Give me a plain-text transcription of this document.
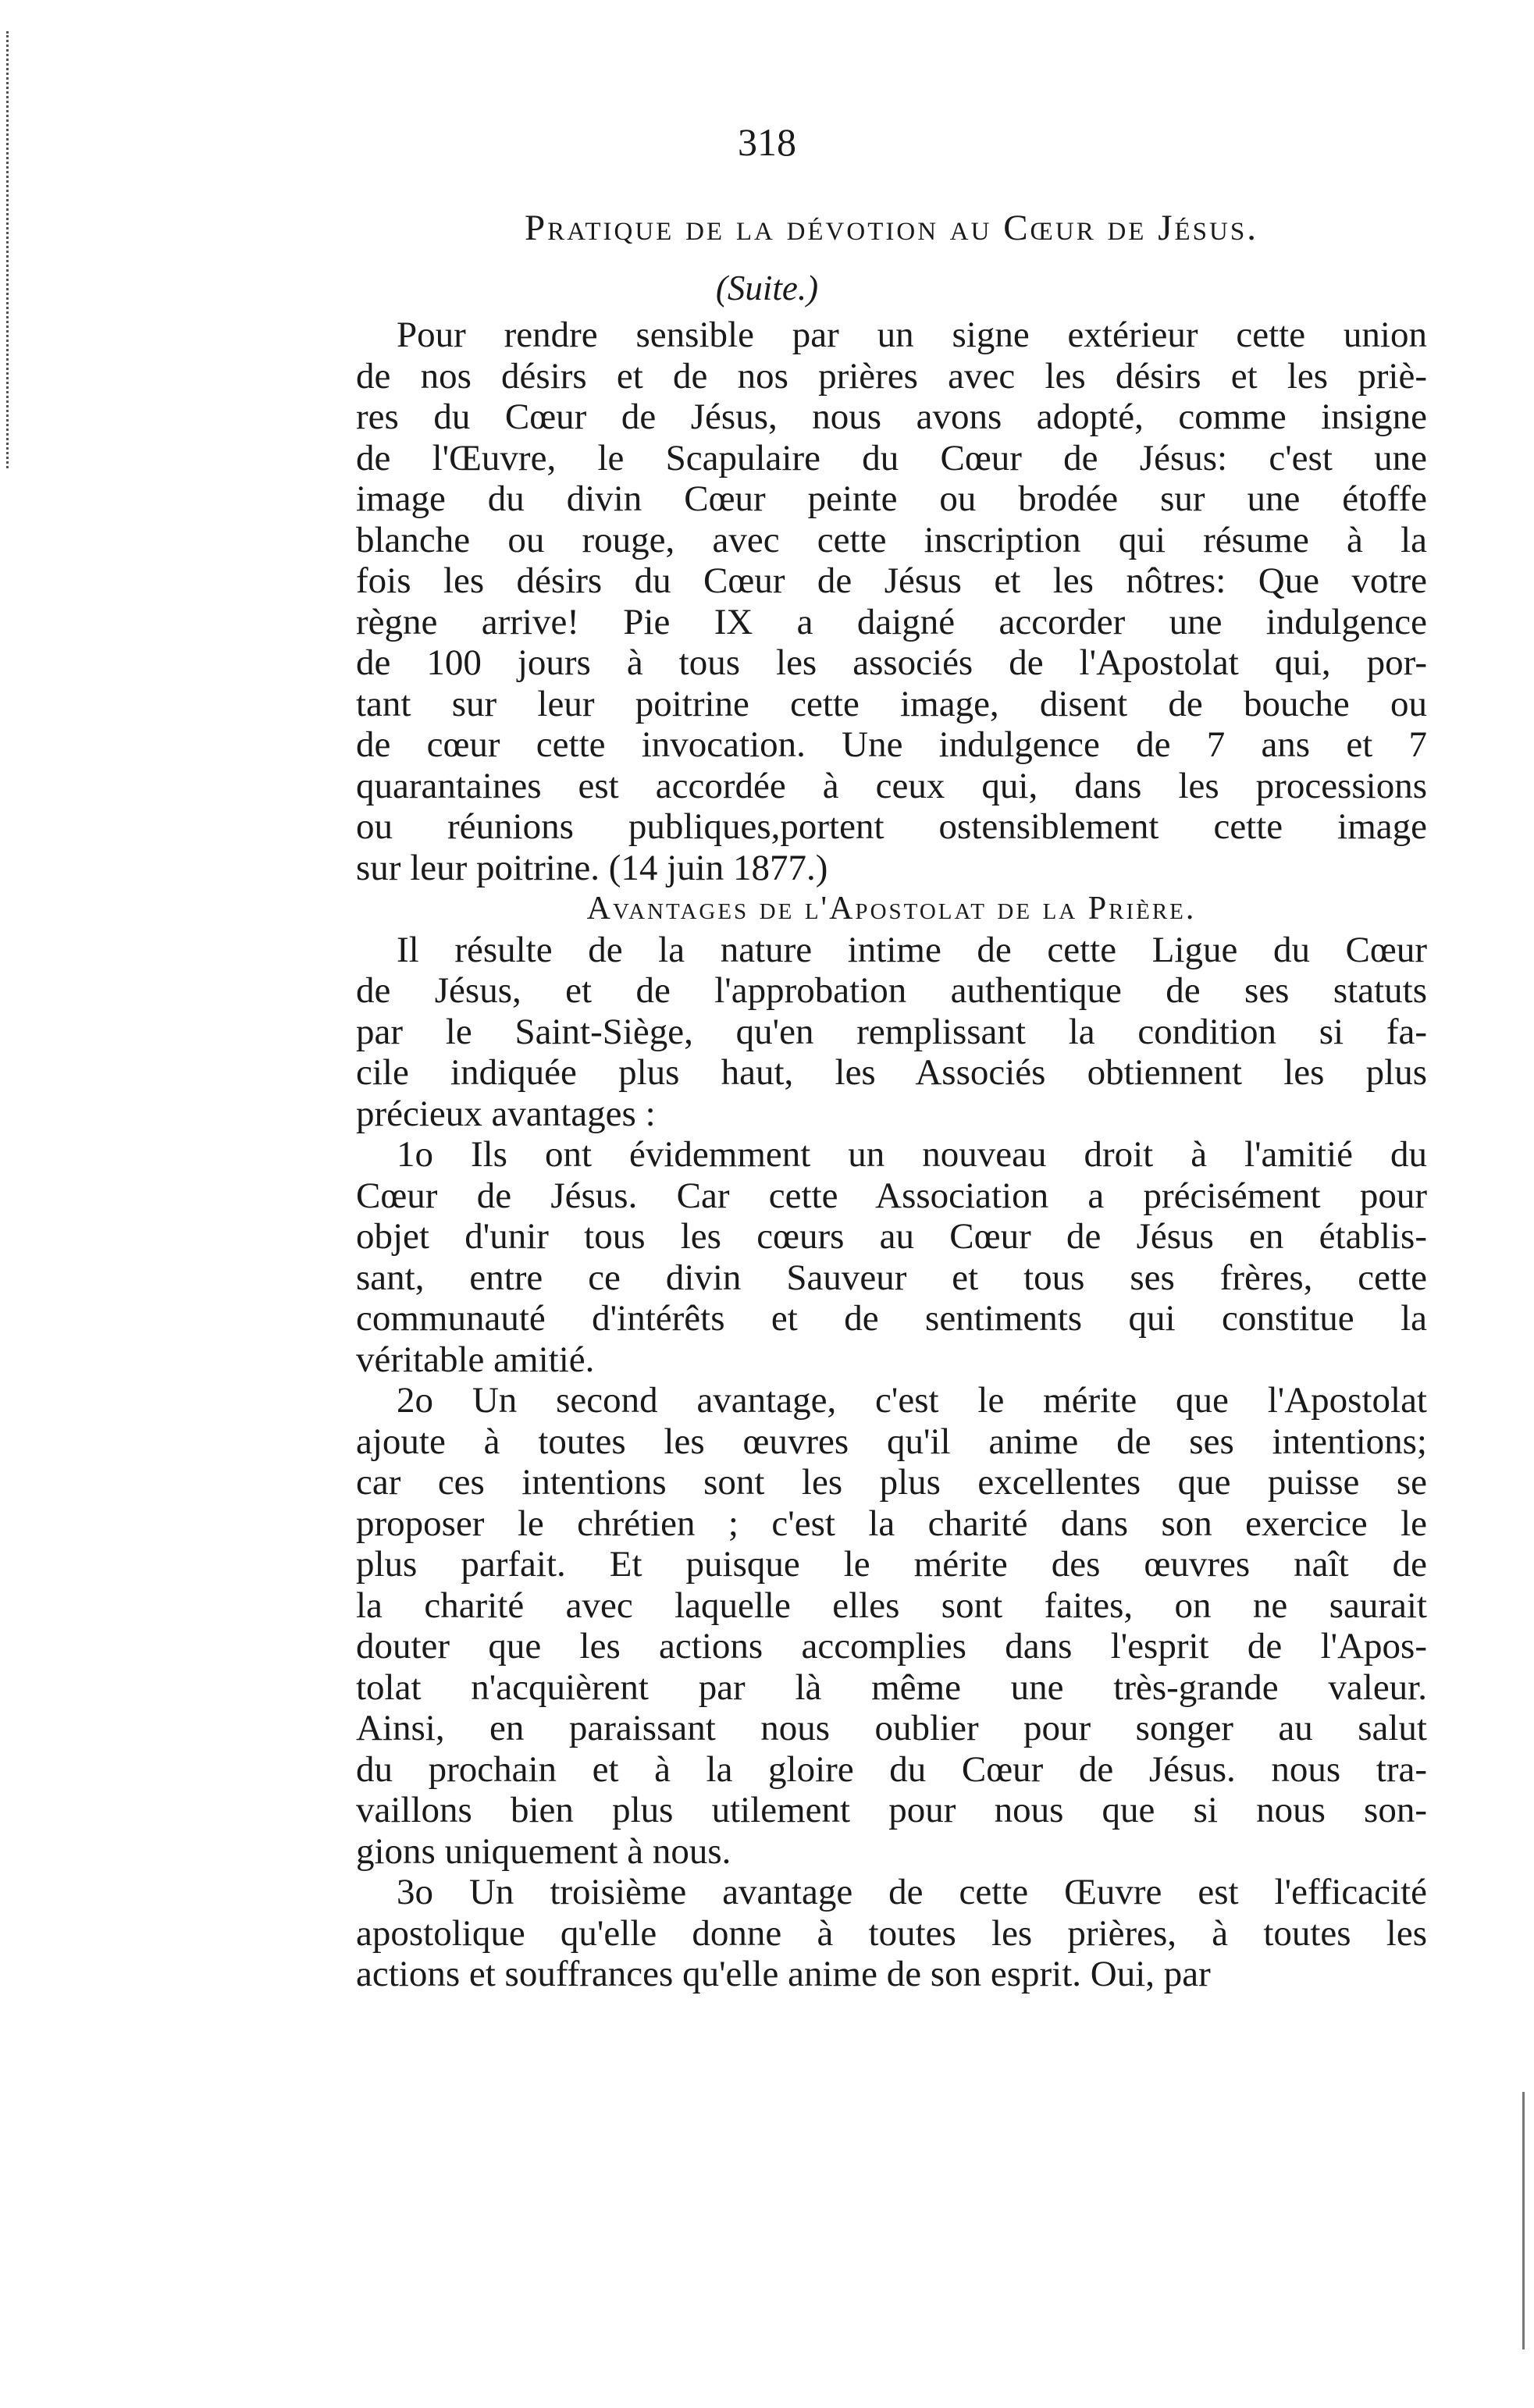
318
Pratique de la dévotion au Cœur de Jésus.
(Suite.)
Pour rendre sensible par un signe extérieur cette union
de nos désirs et de nos prières avec les désirs et les priè-
res du Cœur de Jésus, nous avons adopté, comme insigne
de l'Œuvre, le Scapulaire du Cœur de Jésus: c'est une
image du divin Cœur peinte ou brodée sur une étoffe
blanche ou rouge, avec cette inscription qui résume à la
fois les désirs du Cœur de Jésus et les nôtres: Que votre
règne arrive! Pie IX a daigné accorder une indulgence
de 100 jours à tous les associés de l'Apostolat qui, por-
tant sur leur poitrine cette image, disent de bouche ou
de cœur cette invocation. Une indulgence de 7 ans et 7
quarantaines est accordée à ceux qui, dans les processions
ou réunions publiques,portent ostensiblement cette image
sur leur poitrine. (14 juin 1877.)
Avantages de l'Apostolat de la Prière.
Il résulte de la nature intime de cette Ligue du Cœur
de Jésus, et de l'approbation authentique de ses statuts
par le Saint-Siège, qu'en remplissant la condition si fa-
cile indiquée plus haut, les Associés obtiennent les plus
précieux avantages :
1o Ils ont évidemment un nouveau droit à l'amitié du
Cœur de Jésus. Car cette Association a précisément pour
objet d'unir tous les cœurs au Cœur de Jésus en établis-
sant, entre ce divin Sauveur et tous ses frères, cette
communauté d'intérêts et de sentiments qui constitue la
véritable amitié.
2o Un second avantage, c'est le mérite que l'Apostolat
ajoute à toutes les œuvres qu'il anime de ses intentions;
car ces intentions sont les plus excellentes que puisse se
proposer le chrétien ; c'est la charité dans son exercice le
plus parfait. Et puisque le mérite des œuvres naît de
la charité avec laquelle elles sont faites, on ne saurait
douter que les actions accomplies dans l'esprit de l'Apos-
tolat n'acquièrent par là même une très-grande valeur.
Ainsi, en paraissant nous oublier pour songer au salut
du prochain et à la gloire du Cœur de Jésus. nous tra-
vaillons bien plus utilement pour nous que si nous son-
gions uniquement à nous.
3o Un troisième avantage de cette Œuvre est l'efficacité
apostolique qu'elle donne à toutes les prières, à toutes les
actions et souffrances qu'elle anime de son esprit. Oui, par
